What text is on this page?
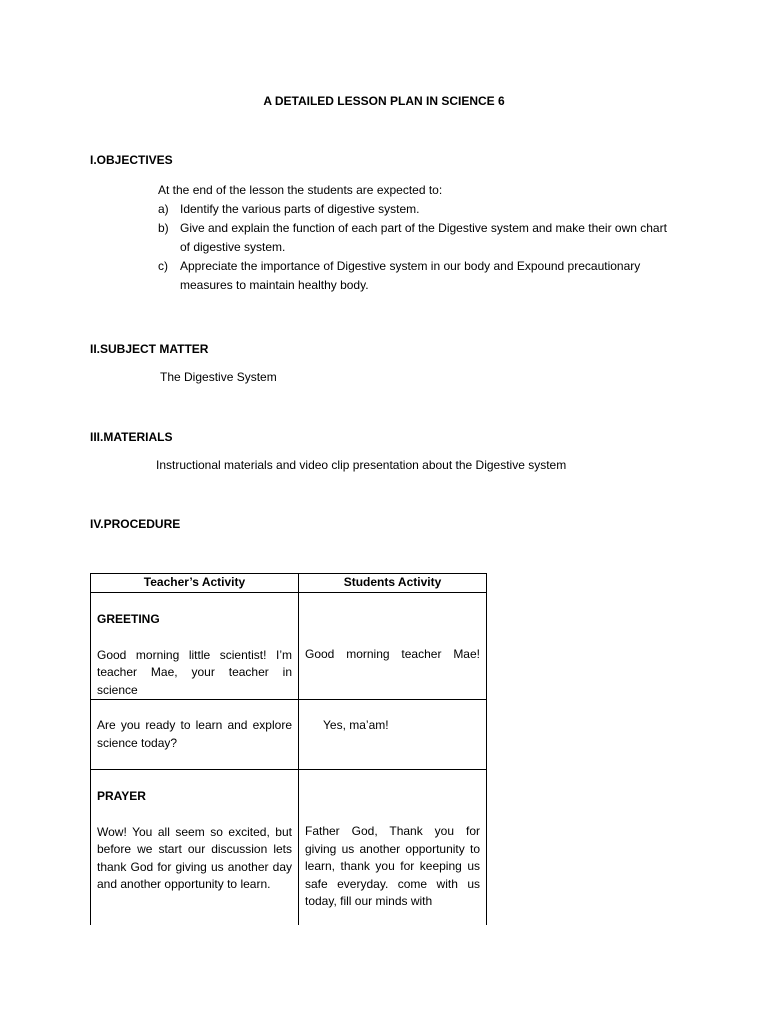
A DETAILED LESSON PLAN IN SCIENCE 6
I.OBJECTIVES
At the end of the lesson the students are expected to:
a) Identify the various parts of digestive system.
b) Give and explain the function of each part of the Digestive system and make their own chart of digestive system.
c)	Appreciate the importance of Digestive system in our body and Expound precautionary measures to maintain healthy body.
II.SUBJECT MATTER
The Digestive System
III.MATERIALS
Instructional materials and video clip presentation about the Digestive system
IV.PROCEDURE
Teacher’s Activity	Students Activity

GREETING
Good morning little scientist! I’m teacher Mae, your teacher in science	Good morning teacher Mae!

Are you ready to learn and explore science today?	Yes, ma’am!

PRAYER
Wow! You all seem so excited, but before we start our discussion lets thank God for giving us another day and another opportunity to learn.	Father God, Thank you for giving us another opportunity to learn, thank you for keeping us safe everyday. come with us today, fill our minds with
